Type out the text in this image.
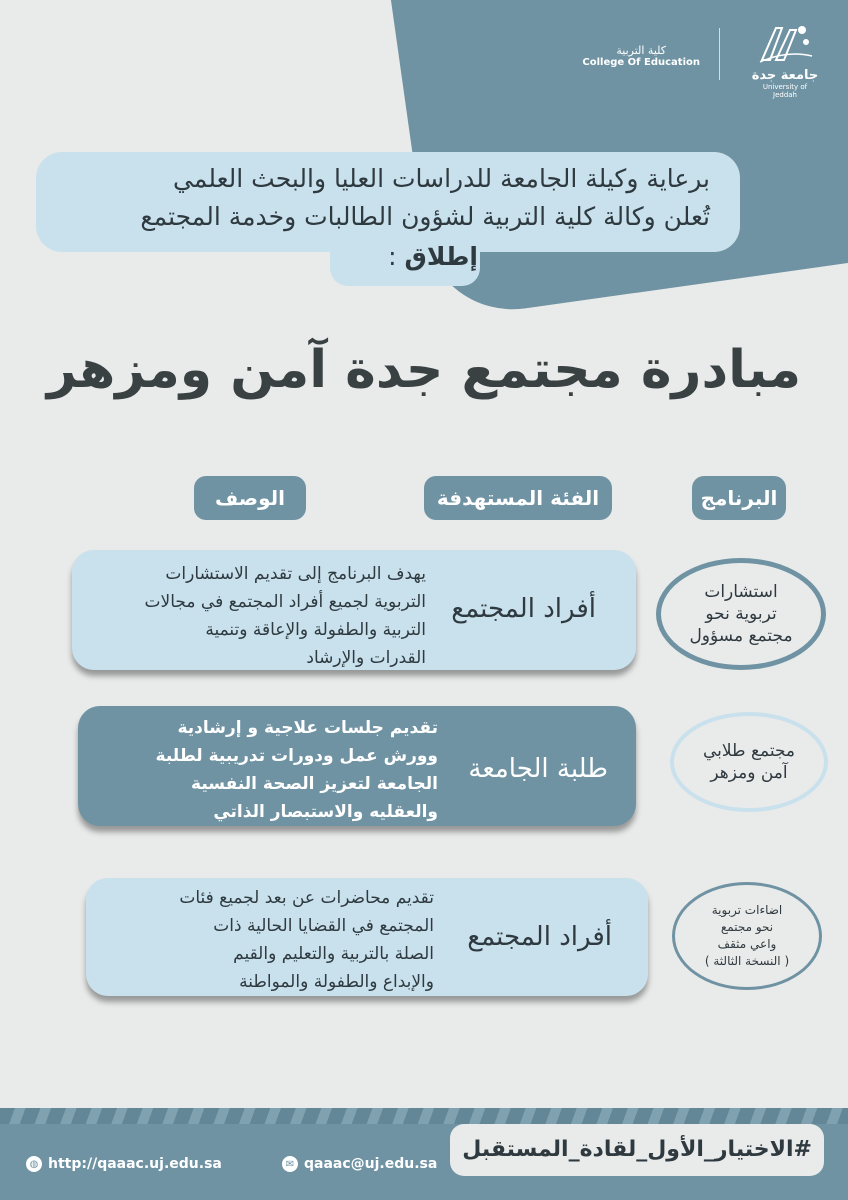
جامعة جدة
University of Jeddah
كلية التربية
College Of Education
برعاية وكيلة الجامعة للدراسات العليا والبحث العلمي
تُعلن وكالة كلية التربية لشؤون الطالبات وخدمة المجتمع
إطلاق :
مبادرة مجتمع جدة آمن ومزهر
البرنامج
الفئة المستهدفة
الوصف
استشارات
تربوية نحو
مجتمع مسؤول
أفراد المجتمع
يهدف البرنامج إلى تقديم الاستشارات
التربوية لجميع أفراد المجتمع في مجالات
التربية والطفولة والإعاقة وتنمية
القدرات والإرشاد
مجتمع طلابي
آمن ومزهر
طلبة الجامعة
تقديم جلسات علاجية و إرشادية
وورش عمل ودورات تدريبية لطلبة
الجامعة لتعزيز الصحة النفسية
والعقليه والاستبصار الذاتي
اضاءات تربوية
نحو مجتمع
واعي مثقف
( النسخة الثالثة )
أفراد المجتمع
تقديم محاضرات عن بعد لجميع فئات
المجتمع في القضايا الحالية ذات
الصلة بالتربية والتعليم والقيم
والإبداع والطفولة والمواطنة
#الاختيار_الأول_لقادة_المستقبل
✉ qaaac@uj.edu.sa
◍ http://qaaac.uj.edu.sa
